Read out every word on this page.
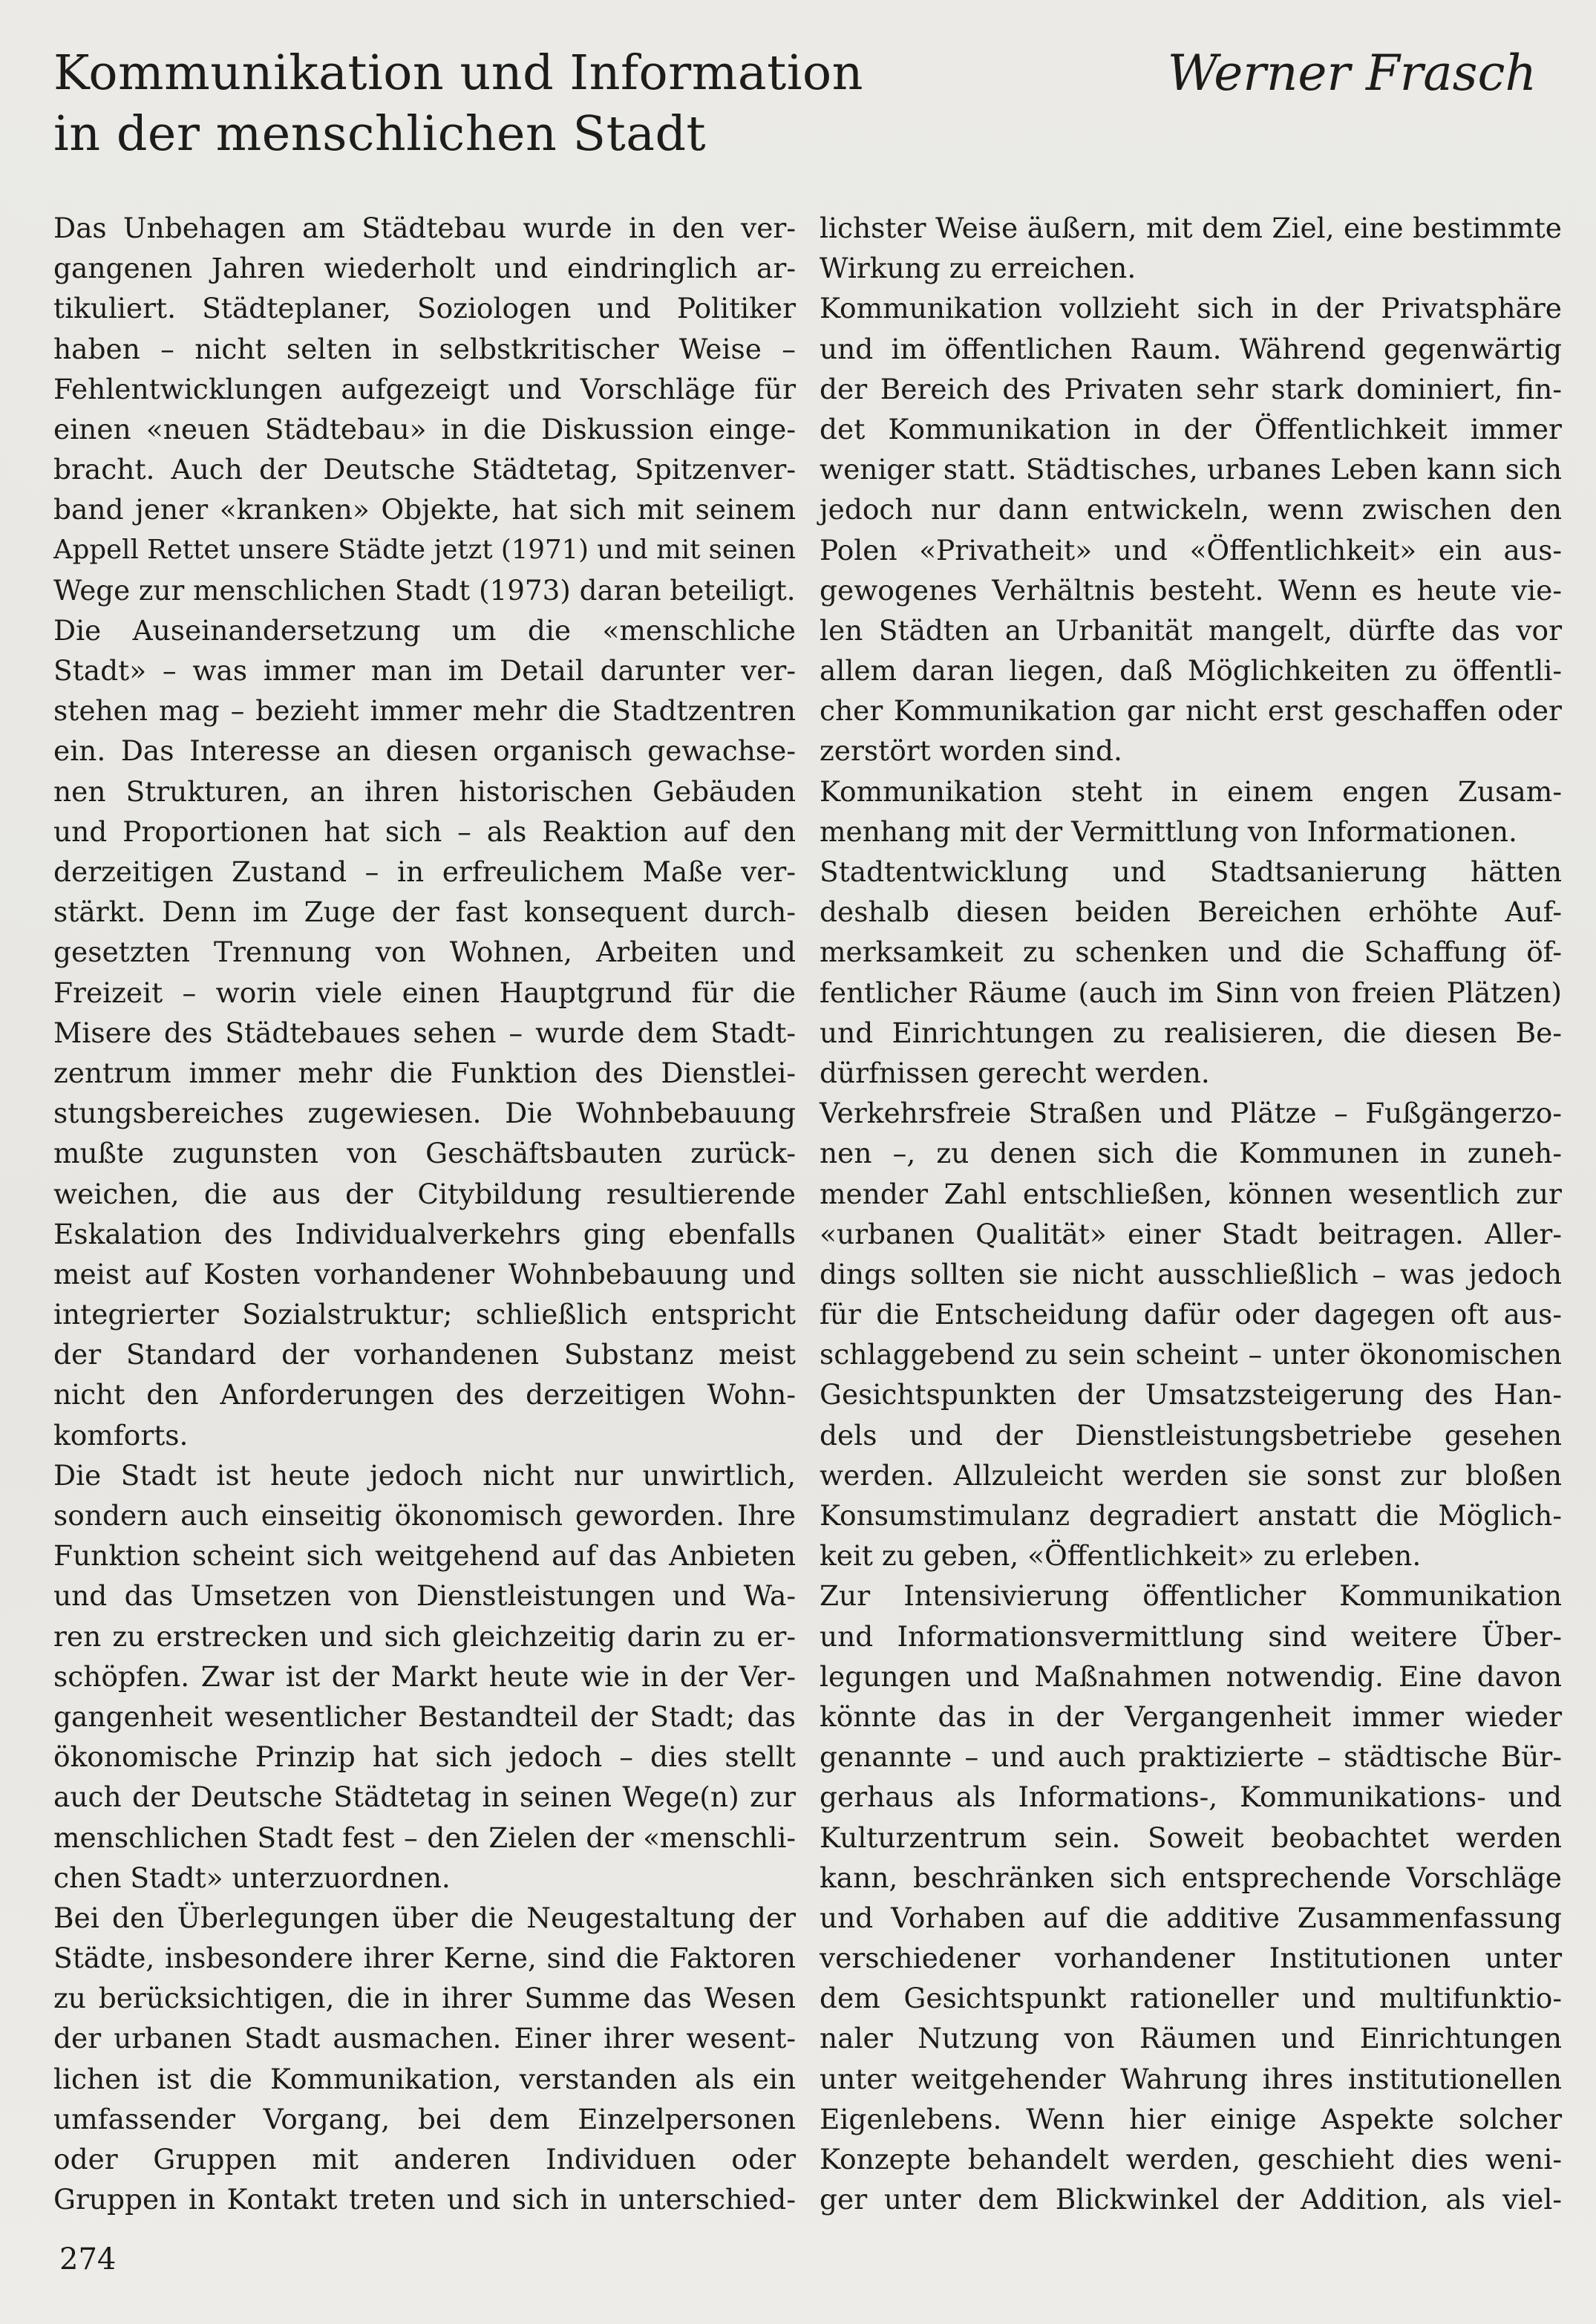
Kommunikation und Information
in der menschlichen Stadt
Werner Frasch
Das Unbehagen am Städtebau wurde in den ver-
gangenen Jahren wiederholt und eindringlich ar-
tikuliert. Städteplaner, Soziologen und Politiker
haben – nicht selten in selbstkritischer Weise –
Fehlentwicklungen aufgezeigt und Vorschläge für
einen «neuen Städtebau» in die Diskussion einge-
bracht. Auch der Deutsche Städtetag, Spitzenver-
band jener «kranken» Objekte, hat sich mit seinem
Appell Rettet unsere Städte jetzt (1971) und mit seinen
Wege zur menschlichen Stadt (1973) daran beteiligt.
Die Auseinandersetzung um die «menschliche
Stadt» – was immer man im Detail darunter ver-
stehen mag – bezieht immer mehr die Stadtzentren
ein. Das Interesse an diesen organisch gewachse-
nen Strukturen, an ihren historischen Gebäuden
und Proportionen hat sich – als Reaktion auf den
derzeitigen Zustand – in erfreulichem Maße ver-
stärkt. Denn im Zuge der fast konsequent durch-
gesetzten Trennung von Wohnen, Arbeiten und
Freizeit – worin viele einen Hauptgrund für die
Misere des Städtebaues sehen – wurde dem Stadt-
zentrum immer mehr die Funktion des Dienstlei-
stungsbereiches zugewiesen. Die Wohnbebauung
mußte zugunsten von Geschäftsbauten zurück-
weichen, die aus der Citybildung resultierende
Eskalation des Individualverkehrs ging ebenfalls
meist auf Kosten vorhandener Wohnbebauung und
integrierter Sozialstruktur; schließlich entspricht
der Standard der vorhandenen Substanz meist
nicht den Anforderungen des derzeitigen Wohn-
komforts.
Die Stadt ist heute jedoch nicht nur unwirtlich,
sondern auch einseitig ökonomisch geworden. Ihre
Funktion scheint sich weitgehend auf das Anbieten
und das Umsetzen von Dienstleistungen und Wa-
ren zu erstrecken und sich gleichzeitig darin zu er-
schöpfen. Zwar ist der Markt heute wie in der Ver-
gangenheit wesentlicher Bestandteil der Stadt; das
ökonomische Prinzip hat sich jedoch – dies stellt
auch der Deutsche Städtetag in seinen Wege(n) zur
menschlichen Stadt fest – den Zielen der «menschli-
chen Stadt» unterzuordnen.
Bei den Überlegungen über die Neugestaltung der
Städte, insbesondere ihrer Kerne, sind die Faktoren
zu berücksichtigen, die in ihrer Summe das Wesen
der urbanen Stadt ausmachen. Einer ihrer wesent-
lichen ist die Kommunikation, verstanden als ein
umfassender Vorgang, bei dem Einzelpersonen
oder Gruppen mit anderen Individuen oder
Gruppen in Kontakt treten und sich in unterschied-
lichster Weise äußern, mit dem Ziel, eine bestimmte
Wirkung zu erreichen.
Kommunikation vollzieht sich in der Privatsphäre
und im öffentlichen Raum. Während gegenwärtig
der Bereich des Privaten sehr stark dominiert, fin-
det Kommunikation in der Öffentlichkeit immer
weniger statt. Städtisches, urbanes Leben kann sich
jedoch nur dann entwickeln, wenn zwischen den
Polen «Privatheit» und «Öffentlichkeit» ein aus-
gewogenes Verhältnis besteht. Wenn es heute vie-
len Städten an Urbanität mangelt, dürfte das vor
allem daran liegen, daß Möglichkeiten zu öffentli-
cher Kommunikation gar nicht erst geschaffen oder
zerstört worden sind.
Kommunikation steht in einem engen Zusam-
menhang mit der Vermittlung von Informationen.
Stadtentwicklung und Stadtsanierung hätten
deshalb diesen beiden Bereichen erhöhte Auf-
merksamkeit zu schenken und die Schaffung öf-
fentlicher Räume (auch im Sinn von freien Plätzen)
und Einrichtungen zu realisieren, die diesen Be-
dürfnissen gerecht werden.
Verkehrsfreie Straßen und Plätze – Fußgängerzo-
nen –, zu denen sich die Kommunen in zuneh-
mender Zahl entschließen, können wesentlich zur
«urbanen Qualität» einer Stadt beitragen. Aller-
dings sollten sie nicht ausschließlich – was jedoch
für die Entscheidung dafür oder dagegen oft aus-
schlaggebend zu sein scheint – unter ökonomischen
Gesichtspunkten der Umsatzsteigerung des Han-
dels und der Dienstleistungsbetriebe gesehen
werden. Allzuleicht werden sie sonst zur bloßen
Konsumstimulanz degradiert anstatt die Möglich-
keit zu geben, «Öffentlichkeit» zu erleben.
Zur Intensivierung öffentlicher Kommunikation
und Informationsvermittlung sind weitere Über-
legungen und Maßnahmen notwendig. Eine davon
könnte das in der Vergangenheit immer wieder
genannte – und auch praktizierte – städtische Bür-
gerhaus als Informations-, Kommunikations- und
Kulturzentrum sein. Soweit beobachtet werden
kann, beschränken sich entsprechende Vorschläge
und Vorhaben auf die additive Zusammenfassung
verschiedener vorhandener Institutionen unter
dem Gesichtspunkt rationeller und multifunktio-
naler Nutzung von Räumen und Einrichtungen
unter weitgehender Wahrung ihres institutionellen
Eigenlebens. Wenn hier einige Aspekte solcher
Konzepte behandelt werden, geschieht dies weni-
ger unter dem Blickwinkel der Addition, als viel-
274
